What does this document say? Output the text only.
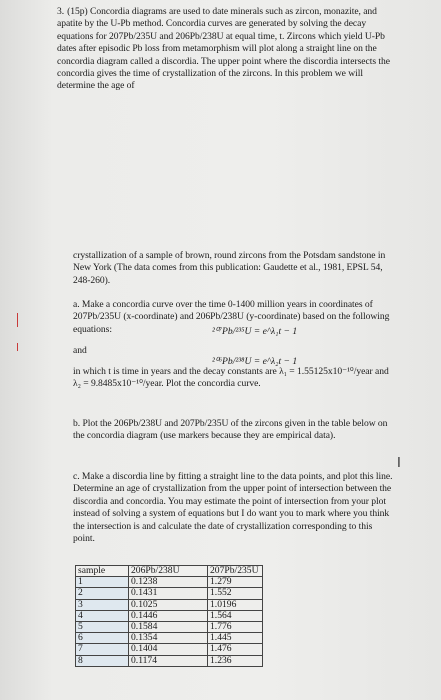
3. (15p) Concordia diagrams are used to date minerals such as zircon, monazite, and apatite by the U-Pb method. Concordia curves are generated by solving the decay equations for 207Pb/235U and 206Pb/238U at equal time, t. Zircons which yield U-Pb dates after episodic Pb loss from metamorphism will plot along a straight line on the concordia diagram called a discordia. The upper point where the discordia intersects the concordia gives the time of crystallization of the zircons. In this problem we will determine the age of
crystallization of a sample of brown, round zircons from the Potsdam sandstone in New York (The data comes from this publication: Gaudette et al., 1981, EPSL 54, 248-260).
a. Make a concordia curve over the time 0-1400 million years in coordinates of 207Pb/235U (x-coordinate) and 206Pb/238U (y-coordinate) based on the following equations:	²⁰⁷Pb/²³⁵U = e^λ₁t − 1
and
²⁰⁶Pb/²³⁸U = e^λ₂t − 1
in which t is time in years and the decay constants are λ₁ = 1.55125x10⁻¹⁰/year and λ₂ = 9.8485x10⁻¹⁰/year. Plot the concordia curve.
b. Plot the 206Pb/238U and 207Pb/235U of the zircons given in the table below on the concordia diagram (use markers because they are empirical data).
c. Make a discordia line by fitting a straight line to the data points, and plot this line. Determine an age of crystallization from the upper point of intersection between the discordia and concordia. You may estimate the point of intersection from your plot instead of solving a system of equations but I do want you to mark where you think the intersection is and calculate the date of crystallization corresponding to this point.
I
sample	206Pb/238U	207Pb/235U
1	0.1238	1.279
2	0.1431	1.552
3	0.1025	1.0196
4	0.1446	1.564
5	0.1584	1.776
6	0.1354	1.445
7	0.1404	1.476
8	0.1174	1.236
